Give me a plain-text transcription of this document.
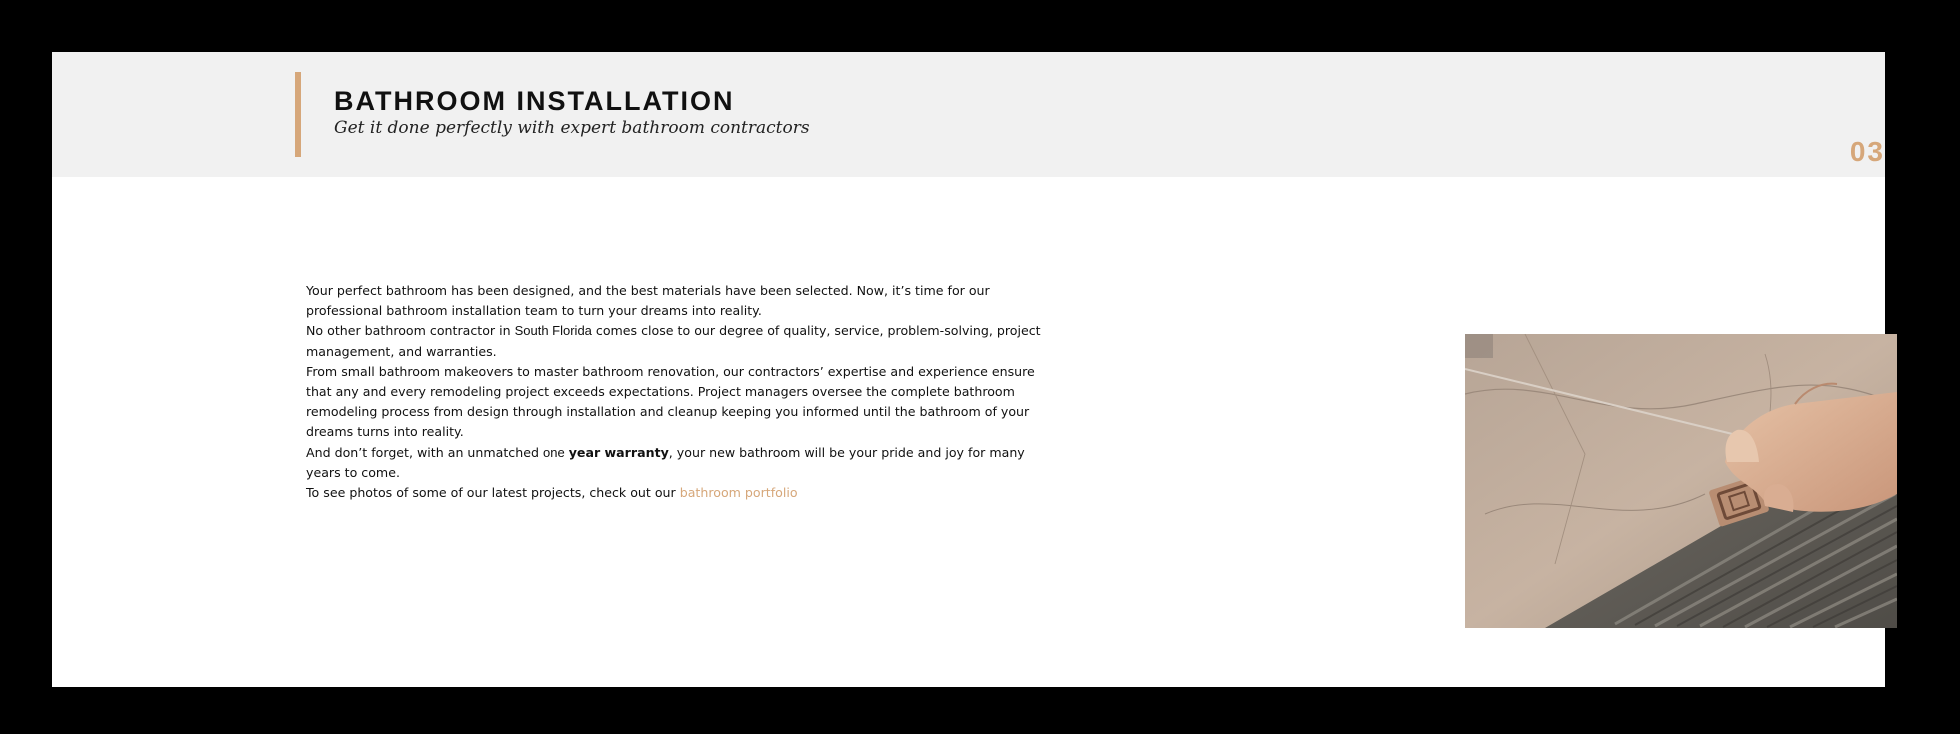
BATHROOM INSTALLATION
Get it done perfectly with expert bathroom contractors
03

Your perfect bathroom has been designed, and the best materials have been selected. Now, it’s time for our professional bathroom installation team to turn your dreams into reality.

No other bathroom contractor in South Florida comes close to our degree of quality, service, problem-solving, project management, and warranties.

From small bathroom makeovers to master bathroom renovation, our contractors’ expertise and experience ensure that any and every remodeling project exceeds expectations. Project managers oversee the complete bathroom remodeling process from design through installation and cleanup keeping you informed until the bathroom of your dreams turns into reality.

And don’t forget, with an unmatched one year warranty, your new bathroom will be your pride and joy for many years to come.

To see photos of some of our latest projects, check out our bathroom portfolio
